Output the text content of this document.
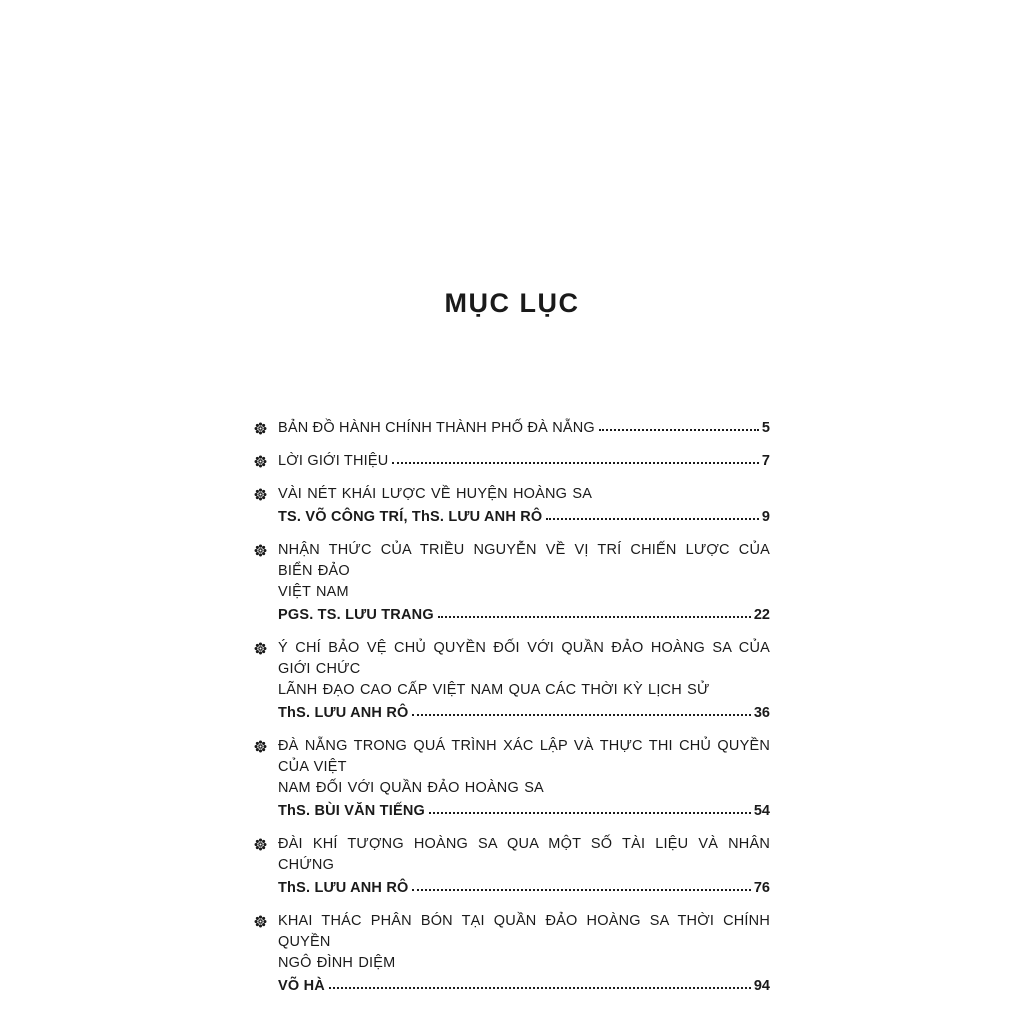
MỤC LỤC
BẢN ĐỒ HÀNH CHÍNH THÀNH PHỐ ĐÀ NẴNG	5
LỜI GIỚI THIỆU	7
VÀI NÉT KHÁI LƯỢC VỀ HUYỆN HOÀNG SA
TS. VÕ CÔNG TRÍ, ThS. LƯU ANH RÔ	9
NHẬN THỨC CỦA TRIỀU NGUYỄN VỀ VỊ TRÍ CHIẾN LƯỢC CỦA BIỂN ĐẢO
VIỆT NAM
PGS. TS. LƯU TRANG	22
Ý CHÍ BẢO VỆ CHỦ QUYỀN ĐỐI VỚI QUẦN ĐẢO HOÀNG SA CỦA GIỚI CHỨC
LÃNH ĐẠO CAO CẤP VIỆT NAM QUA CÁC THỜI KỲ LỊCH SỬ
ThS. LƯU ANH RÔ	36
ĐÀ NẴNG TRONG QUÁ TRÌNH XÁC LẬP VÀ THỰC THI CHỦ QUYỀN CỦA VIỆT
NAM ĐỐI VỚI QUẦN ĐẢO HOÀNG SA
ThS. BÙI VĂN TIẾNG	54
ĐÀI KHÍ TƯỢNG HOÀNG SA QUA MỘT SỐ TÀI LIỆU VÀ NHÂN CHỨNG
ThS. LƯU ANH RÔ	76
KHAI THÁC PHÂN BÓN TẠI QUẦN ĐẢO HOÀNG SA THỜI CHÍNH QUYỀN
NGÔ ĐÌNH DIỆM
VÕ HÀ	94
